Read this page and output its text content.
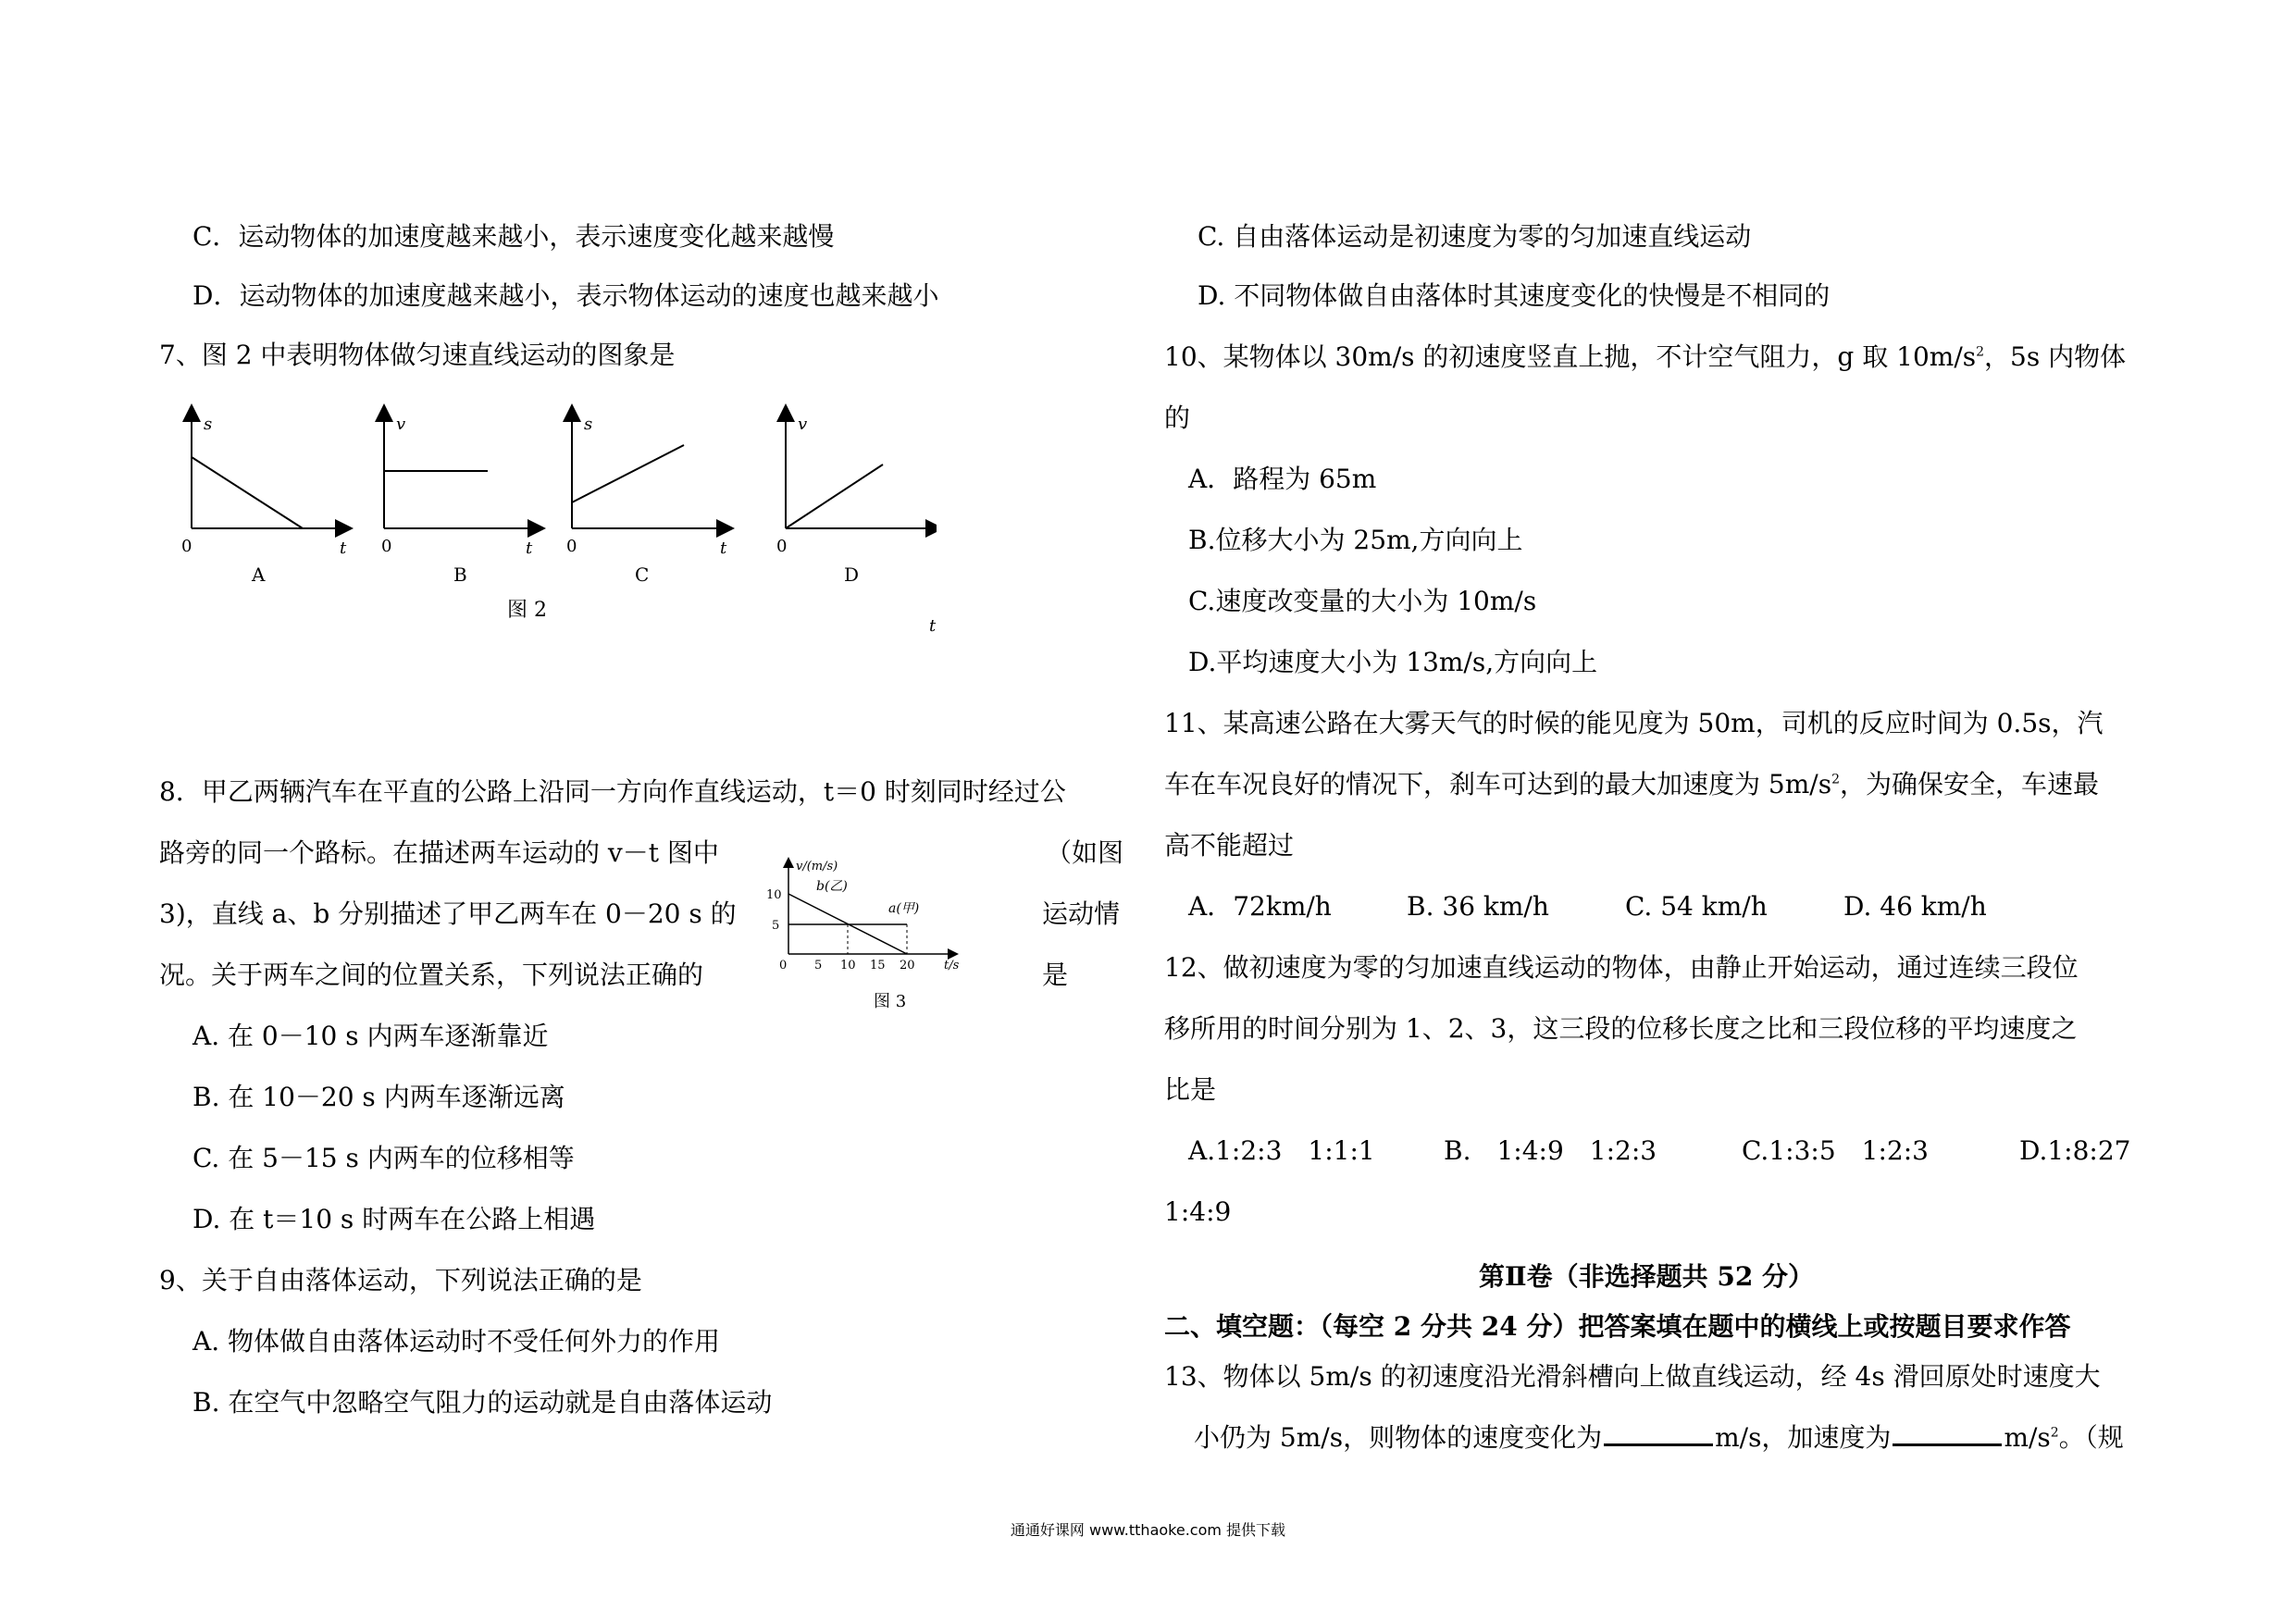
C．运动物体的加速度越来越小，表示速度变化越来越慢
D．运动物体的加速度越来越小，表示物体运动的速度也越来越小
7、图 2 中表明物体做匀速直线运动的图象是
s
t
0
A
v
t
0
B
s
t
0
C
v
0
D
图 2
t
8．甲乙两辆汽车在平直的公路上沿同一方向作直线运动，t＝0 时刻同时经过公
路旁的同一个路标。在描述两车运动的 v－t 图中	（如图
3)，直线 a、b 分别描述了甲乙两车在 0－20 s 的	运动情
况。关于两车之间的位置关系，下列说法正确的	是
v/(m/s)
10
5
0 5 10 15 20 t/s
b(乙)
a(甲)
图 3
A. 在 0－10 s 内两车逐渐靠近
B. 在 10－20 s 内两车逐渐远离
C. 在 5－15 s 内两车的位移相等
D. 在 t＝10 s 时两车在公路上相遇
9、关于自由落体运动，下列说法正确的是
A. 物体做自由落体运动时不受任何外力的作用
B. 在空气中忽略空气阻力的运动就是自由落体运动
C. 自由落体运动是初速度为零的匀加速直线运动
D. 不同物体做自由落体时其速度变化的快慢是不相同的
10、某物体以 30m/s 的初速度竖直上抛，不计空气阻力，g 取 $10m/s^2$，5s 内物体
的
A．路程为 65m
B.位移大小为 25m,方向向上
C.速度改变量的大小为 10m/s
D.平均速度大小为 13m/s,方向向上
11、某高速公路在大雾天气的时候的能见度为 50m，司机的反应时间为 0.5s，汽
车在车况良好的情况下，刹车可达到的最大加速度为 $5m/s^2$，为确保安全，车速最
高不能超过
A．72km/h	B. 36 km/h	C. 54 km/h	D. 46 km/h
12、做初速度为零的匀加速直线运动的物体，由静止开始运动，通过连续三段位
移所用的时间分别为 1、2、3，这三段的位移长度之比和三段位移的平均速度之
比是
A.1:2:3　1:1:1	B.　1:4:9　1:2:3	C.1:3:5　1:2:3	D.1:8:27
1:4:9
第Ⅱ卷（非选择题共 52 分）
二、填空题：（每空 2 分共 24 分）把答案填在题中的横线上或按题目要求作答
13、物体以 5m/s 的初速度沿光滑斜槽向上做直线运动，经 4s 滑回原处时速度大
小仍为 5m/s，则物体的速度变化为	m/s，加速度为	$m/s^2$。（规
通通好课网 www.tthaoke.com 提供下载
